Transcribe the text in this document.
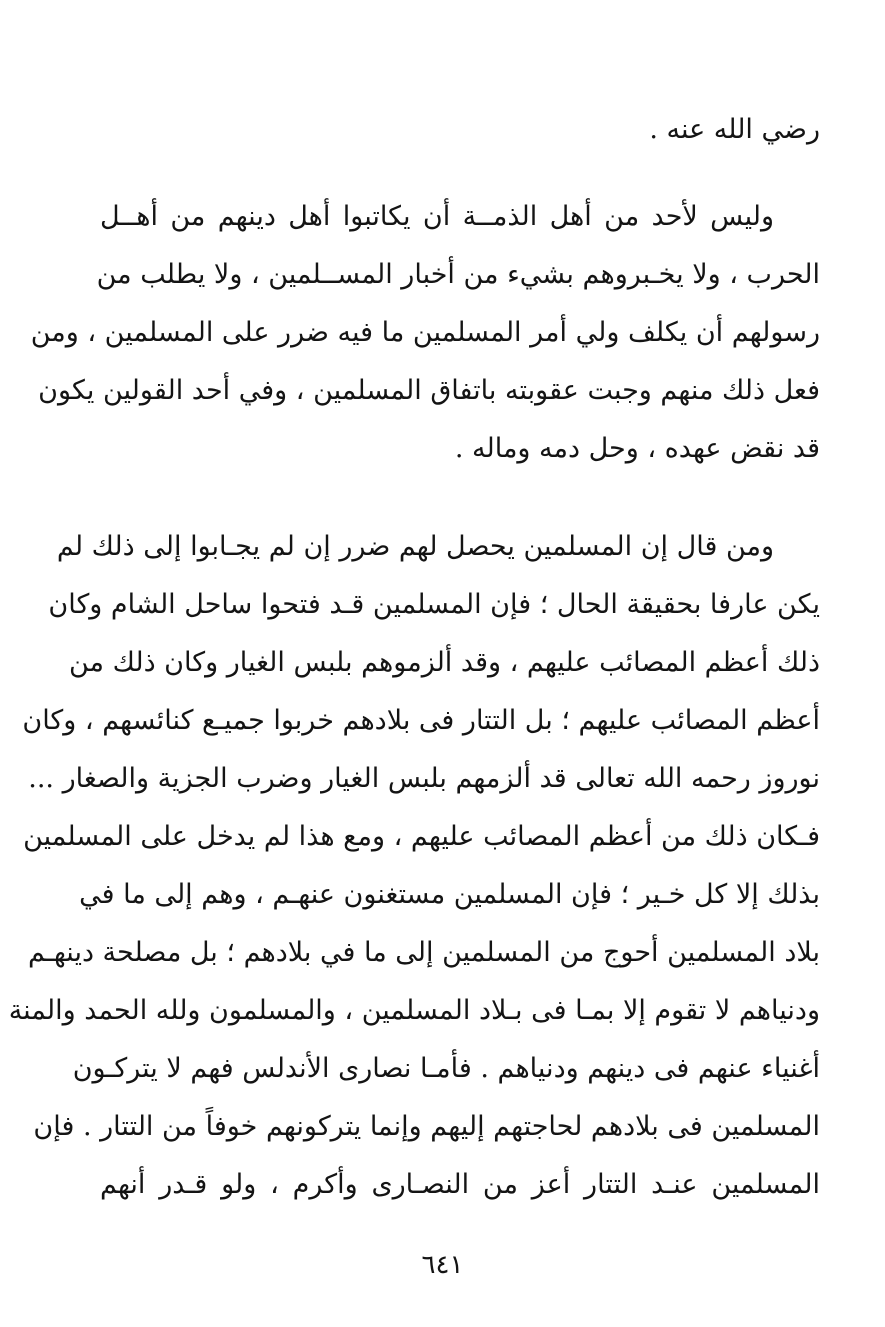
رضي الله عنه .
وليس لأحد من أهل الذمــة أن يكاتبوا أهل دينهم من أهــل
الحرب ، ولا يخـبروهم بشيء من أخبار المســلمين ، ولا يطلب من
رسولهم أن يكلف ولي أمر المسلمين ما فيه ضرر على المسلمين ، ومن
فعل ذلك منهم وجبت عقوبته باتفاق المسلمين ، وفي أحد القولين يكون
قد نقض عهده ، وحل دمه وماله .
ومن قال إن المسلمين يحصل لهم ضرر إن لم يجـابوا إلى ذلك لم
يكن عارفا بحقيقة الحال ؛ فإن المسلمين قـد فتحوا ساحل الشام وكان
ذلك أعظم المصائب عليهم ، وقد ألزموهم بلبس الغيار وكان ذلك من
أعظم المصائب عليهم ؛ بل التتار فى بلادهم خربوا جميـع كنائسهم ، وكان
نوروز رحمه الله تعالى قد ألزمهم بلبس الغيار وضرب الجزية والصغار ...
فـكان ذلك من أعظم المصائب عليهم ، ومع هذا لم يدخل على المسلمين
بذلك إلا كل خـير ؛ فإن المسلمين مستغنون عنهـم ، وهم إلى ما في
بلاد المسلمين أحوج من المسلمين إلى ما في بلادهم ؛ بل مصلحة دينهـم
ودنياهم لا تقوم إلا بمـا فى بـلاد المسلمين ، والمسلمون ولله الحمد والمنة
أغنياء عنهم فى دينهم ودنياهم . فأمـا نصارى الأندلس فهم لا يتركـون
المسلمين فى بلادهم لحاجتهم إليهم وإنما يتركونهم خوفاً من التتار . فإن
المسلمين عنـد التتار أعز من النصـارى وأكرم ، ولو قـدر أنهم
٦٤١
